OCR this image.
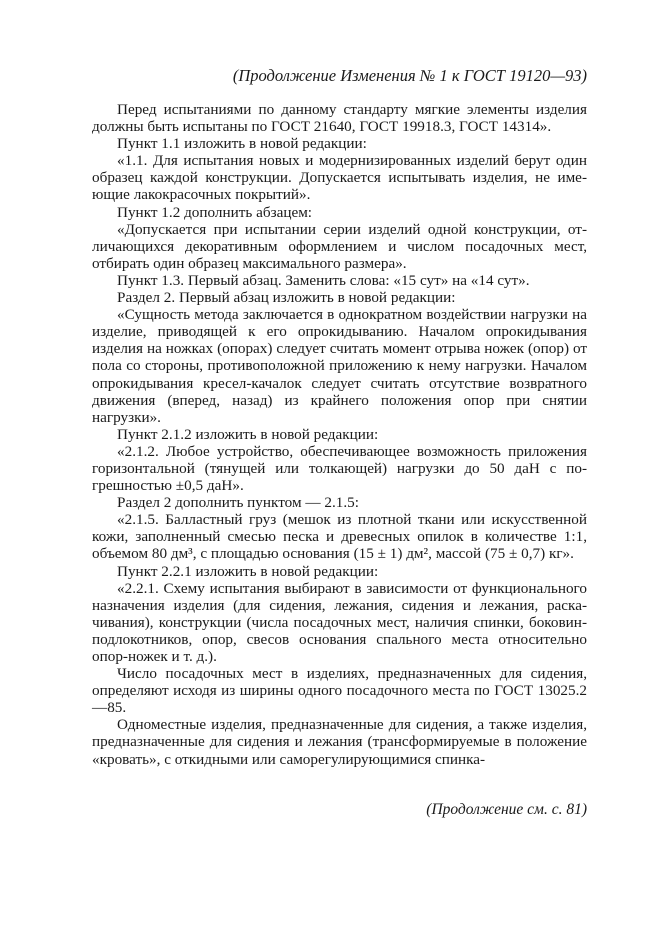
(Продолжение Изменения № 1 к ГОСТ 19120—93)

Перед испытаниями по данному стандарту мягкие элементы изделия должны быть испытаны по ГОСТ 21640, ГОСТ 19918.3, ГОСТ 14314».

Пункт 1.1 изложить в новой редакции:

«1.1. Для испытания новых и модернизированных изделий берут один образец каждой конструкции. Допускается испытывать изделия, не имеющие лакокрасочных покрытий».

Пункт 1.2 дополнить абзацем:

«Допускается при испытании серии изделий одной конструкции, отличающихся декоративным оформлением и числом посадочных мест, отбирать один образец максимального размера».

Пункт 1.3. Первый абзац. Заменить слова: «15 сут» на «14 сут».

Раздел 2. Первый абзац изложить в новой редакции:

«Сущность метода заключается в однократном воздействии нагрузки на изделие, приводящей к его опрокидыванию. Началом опрокидывания изделия на ножках (опорах) следует считать момент отрыва ножек (опор) от пола со стороны, противоположной приложению к нему нагрузки. Началом опрокидывания кресел-качалок следует считать отсутствие возвратного движения (вперед, назад) из крайнего положения опор при снятии нагрузки».

Пункт 2.1.2 изложить в новой редакции:

«2.1.2. Любое устройство, обеспечивающее возможность приложения горизонтальной (тянущей или толкающей) нагрузки до 50 даН с погрешностью ±0,5 даН».

Раздел 2 дополнить пунктом — 2.1.5:

«2.1.5. Балластный груз (мешок из плотной ткани или искусственной кожи, заполненный смесью песка и древесных опилок в количестве 1:1, объемом 80 дм³, с площадью основания (15 ± 1) дм², массой (75 ± 0,7) кг».

Пункт 2.2.1 изложить в новой редакции:

«2.2.1. Схему испытания выбирают в зависимости от функционального назначения изделия (для сидения, лежания, сидения и лежания, раскачивания), конструкции (числа посадочных мест, наличия спинки, боковин-подлокотников, опор, свесов основания спального места относительно опор-ножек и т. д.).

Число посадочных мест в изделиях, предназначенных для сидения, определяют исходя из ширины одного посадочного места по ГОСТ 13025.2—85.

Одноместные изделия, предназначенные для сидения, а также изделия, предназначенные для сидения и лежания (трансформируемые в положение «кровать», с откидными или саморегулирующимися спинка-

(Продолжение см. с. 81)
